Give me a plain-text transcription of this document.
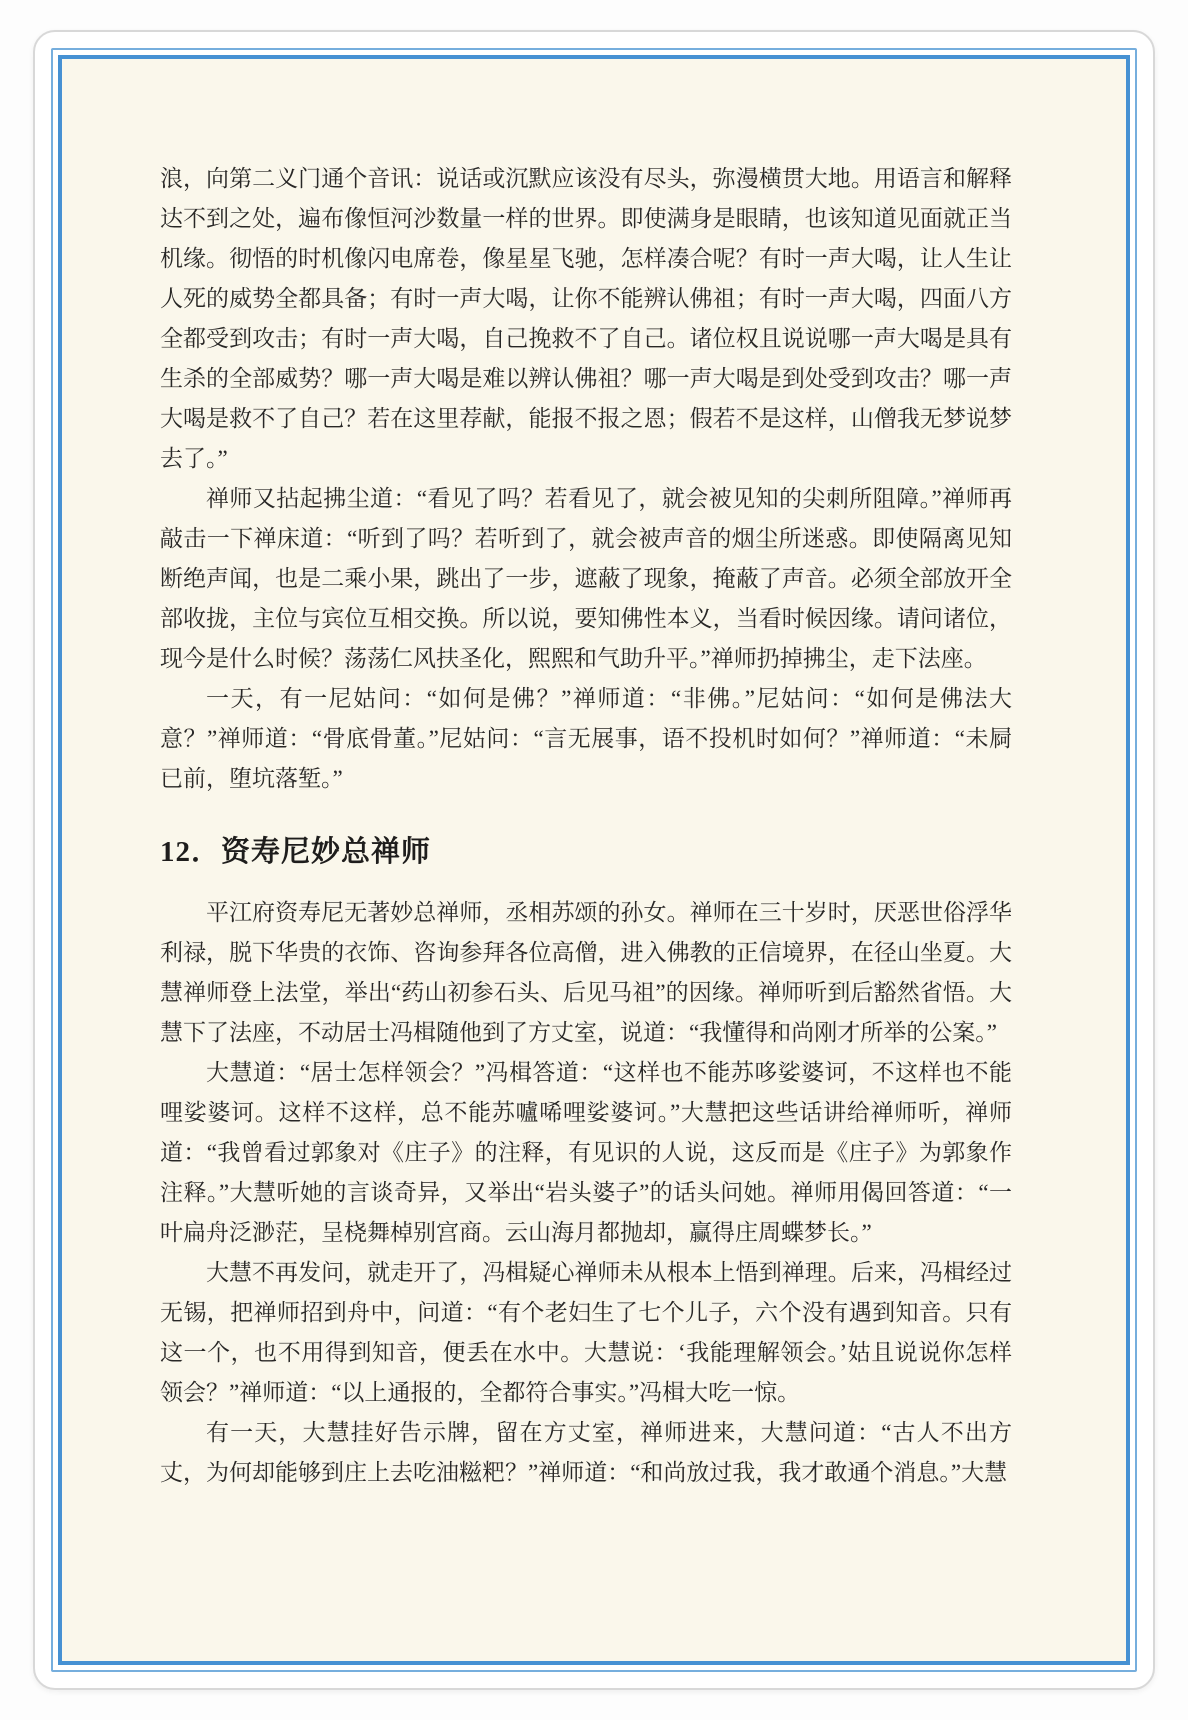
浪，向第二义门通个音讯：说话或沉默应该没有尽头，弥漫横贯大地。用语言和解释达不到之处，遍布像恒河沙数量一样的世界。即使满身是眼睛，也该知道见面就正当机缘。彻悟的时机像闪电席卷，像星星飞驰，怎样凑合呢？有时一声大喝，让人生让人死的威势全都具备；有时一声大喝，让你不能辨认佛祖；有时一声大喝，四面八方全都受到攻击；有时一声大喝，自己挽救不了自己。诸位权且说说哪一声大喝是具有生杀的全部威势？哪一声大喝是难以辨认佛祖？哪一声大喝是到处受到攻击？哪一声大喝是救不了自己？若在这里荐献，能报不报之恩；假若不是这样，山僧我无梦说梦去了。”

禅师又拈起拂尘道：“看见了吗？若看见了，就会被见知的尖刺所阻障。”禅师再敲击一下禅床道：“听到了吗？若听到了，就会被声音的烟尘所迷惑。即使隔离见知断绝声闻，也是二乘小果，跳出了一步，遮蔽了现象，掩蔽了声音。必须全部放开全部收拢，主位与宾位互相交换。所以说，要知佛性本义，当看时候因缘。请问诸位，现今是什么时候？荡荡仁风扶圣化，熙熙和气助升平。”禅师扔掉拂尘，走下法座。

一天，有一尼姑问：“如何是佛？”禅师道：“非佛。”尼姑问：“如何是佛法大意？”禅师道：“骨底骨董。”尼姑问：“言无展事，语不投机时如何？”禅师道：“未屙已前，堕坑落堑。”

12．资寿尼妙总禅师

平江府资寿尼无著妙总禅师，丞相苏颂的孙女。禅师在三十岁时，厌恶世俗浮华利禄，脱下华贵的衣饰、咨询参拜各位高僧，进入佛教的正信境界，在径山坐夏。大慧禅师登上法堂，举出“药山初参石头、后见马祖”的因缘。禅师听到后豁然省悟。大慧下了法座，不动居士冯楫随他到了方丈室，说道：“我懂得和尚刚才所举的公案。”

大慧道：“居士怎样领会？”冯楫答道：“这样也不能苏哆娑婆诃，不这样也不能哩娑婆诃。这样不这样，总不能苏嚧唏哩娑婆诃。”大慧把这些话讲给禅师听，禅师道：“我曾看过郭象对《庄子》的注释，有见识的人说，这反而是《庄子》为郭象作注释。”大慧听她的言谈奇异，又举出“岩头婆子”的话头问她。禅师用偈回答道：“一叶扁舟泛渺茫，呈桡舞棹别宫商。云山海月都抛却，赢得庄周蝶梦长。”

大慧不再发问，就走开了，冯楫疑心禅师未从根本上悟到禅理。后来，冯楫经过无锡，把禅师招到舟中，问道：“有个老妇生了七个儿子，六个没有遇到知音。只有这一个，也不用得到知音，便丢在水中。大慧说：‘我能理解领会。’姑且说说你怎样领会？”禅师道：“以上通报的，全都符合事实。”冯楫大吃一惊。

有一天，大慧挂好告示牌，留在方丈室，禅师进来，大慧问道：“古人不出方丈，为何却能够到庄上去吃油糍粑？”禅师道：“和尚放过我，我才敢通个消息。”大慧
